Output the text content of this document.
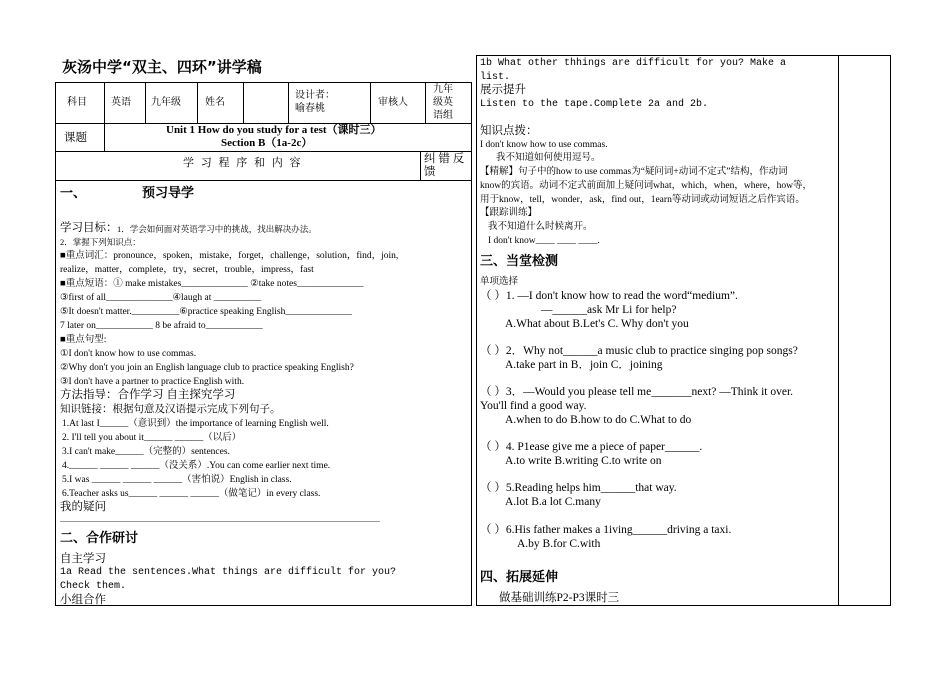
灰汤中学“双主、四环”讲学稿
科目 英语 九年级 姓名
设计者：
喻春桃
审核人
九年
级英
语组
课题
Unit 1 How do you study for a test（课时三）
Section B（1a-2c）
学 习 程 序 和 内 容	纠 错 反
馈
一、	预习导学
学习目标： 1．学会如何面对英语学习中的挑战，找出解决办法。
2．掌握下列知识点：
■重点词汇：pronounce，spoken，mistake，forget，challenge，solution，find，join,
realize，matter，complete，try，secret，trouble，impress，fast
■重点短语：① make mistakes______________ ②take notes______________
③first of all______________④laugh at __________
⑤It doesn't matter.__________⑥practice speaking English______________
7 later on____________ 8 be afraid to____________
■重点句型:
①I don't know how to use commas.
②Why don't you join an English language club to practice speaking English?
③I don't have a partner to practice English with.
方法指导：合作学习 自主探究学习
知识链接：根据句意及汉语提示完成下列句子。
1.At last I______（意识到）the importance of learning English well.
2. I'll tell you about it______ ______（以后）
3.I can't make______（完整的）sentences.
4.______ ______ ______（没关系）.You can come earlier next time.
5.I was ______ ______ ______（害怕说）English in class.
6.Teacher asks us______ ______ ______（做笔记）in every class.
我的疑问
二、合作研讨
自主学习
1a Read the sentences.What things are difficult for you?
Check them.
小组合作
1b What other thhings are difficult for you? Make a
list.
展示提升
Listen to the tape.Complete 2a and 2b.
知识点拨：
I don't know how to use commas.
我不知道如何使用逗号。
【精解】句子中的how to use commas为“疑问词+动词不定式”结构，作动词
know的宾语。动词不定式前面加上疑问词what，which，when，where，how等，
用于know，tell，wonder，ask，find out，1earn等动词或动词短语之后作宾语。
【跟踪训练】
我不知道什么时候离开。
I don't know____ ____ ____.
三、当堂检测
单项选择
（ ）1. —I don't know how to read the word“medium”.
—______ask Mr Li for help?
A.What about B.Let's C. Why don't you
（ ）2．Why not______a music club to practice singing pop songs?
A.take part in B．join C．joining
（ ）3．—Would you please tell me_______next? —Think it over.
You'll find a good way.
A.when to do B.how to do C.What to do
（ ）4. P1ease give me a piece of paper______.
A.to write B.writing C.to write on
（ ）5.Reading helps him______that way.
A.lot B.a lot C.many
（ ）6.His father makes a 1iving______driving a taxi.
A.by B.for C.with
四、拓展延伸
做基础训练P2-P3课时三
